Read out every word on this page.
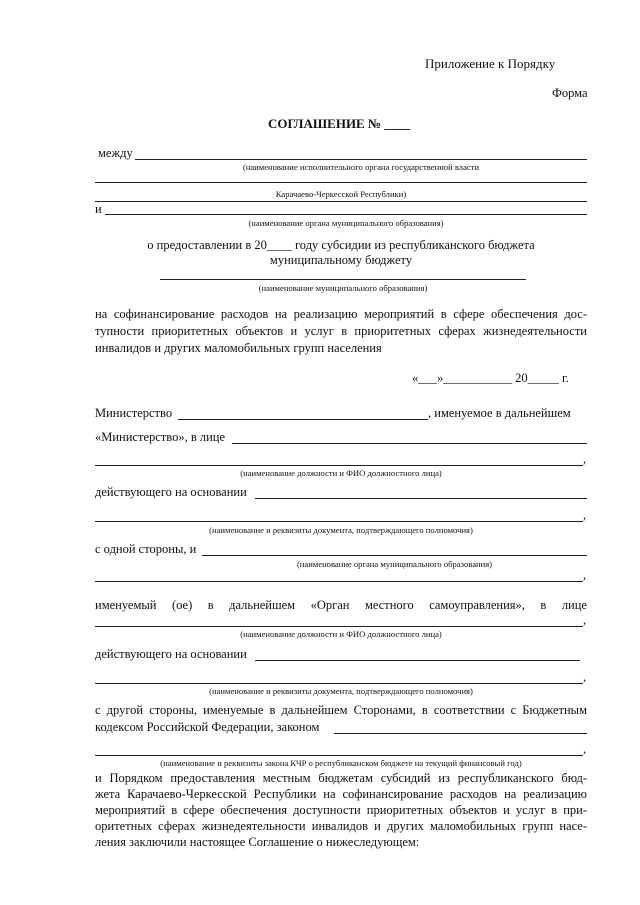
Приложение к Порядку
Форма
СОГЛАШЕНИЕ № ____
между
(наименование исполнительного органа государственной власти
Карачаево-Черкесской Республики)
и
(наименование органа муниципального образования)
о предоставлении в 20____ году субсидии из республиканского бюджета
муниципальному бюджету
(наименование муниципального образования)
на софинансирование расходов на реализацию мероприятий в сфере обеспечения дос-
тупности приоритетных объектов и услуг в приоритетных сферах жизнедеятельности
инвалидов и других маломобильных групп населения
«___»___________ 20_____ г.
Министерство	, именуемое в дальнейшем
«Министерство», в лице
,
(наименование должности и ФИО должностного лица)
действующего на основании
,
(наименование и реквизиты документа, подтверждающего полномочия)
с одной стороны, и
(наименование органа муниципального образования)
,
именуемый (ое) в дальнейшем «Орган местного самоуправления», в лице
,
(наименование должности и ФИО должностного лица)
действующего на основании
,
(наименование и реквизиты документа, подтверждающего полномочия)
с другой стороны, именуемые в дальнейшем Сторонами, в соответствии с Бюджетным
кодексом Российской Федерации, законом
,
(наименование и реквизиты закона КЧР о республиканском бюджете на текущий финансовый год)
и Порядком предоставления местным бюджетам субсидий из республиканского бюд-
жета Карачаево-Черкесской Республики на софинансирование расходов на реализацию
мероприятий в сфере обеспечения доступности приоритетных объектов и услуг в при-
оритетных сферах жизнедеятельности инвалидов и других маломобильных групп насе-
ления заключили настоящее Соглашение о нижеследующем:
